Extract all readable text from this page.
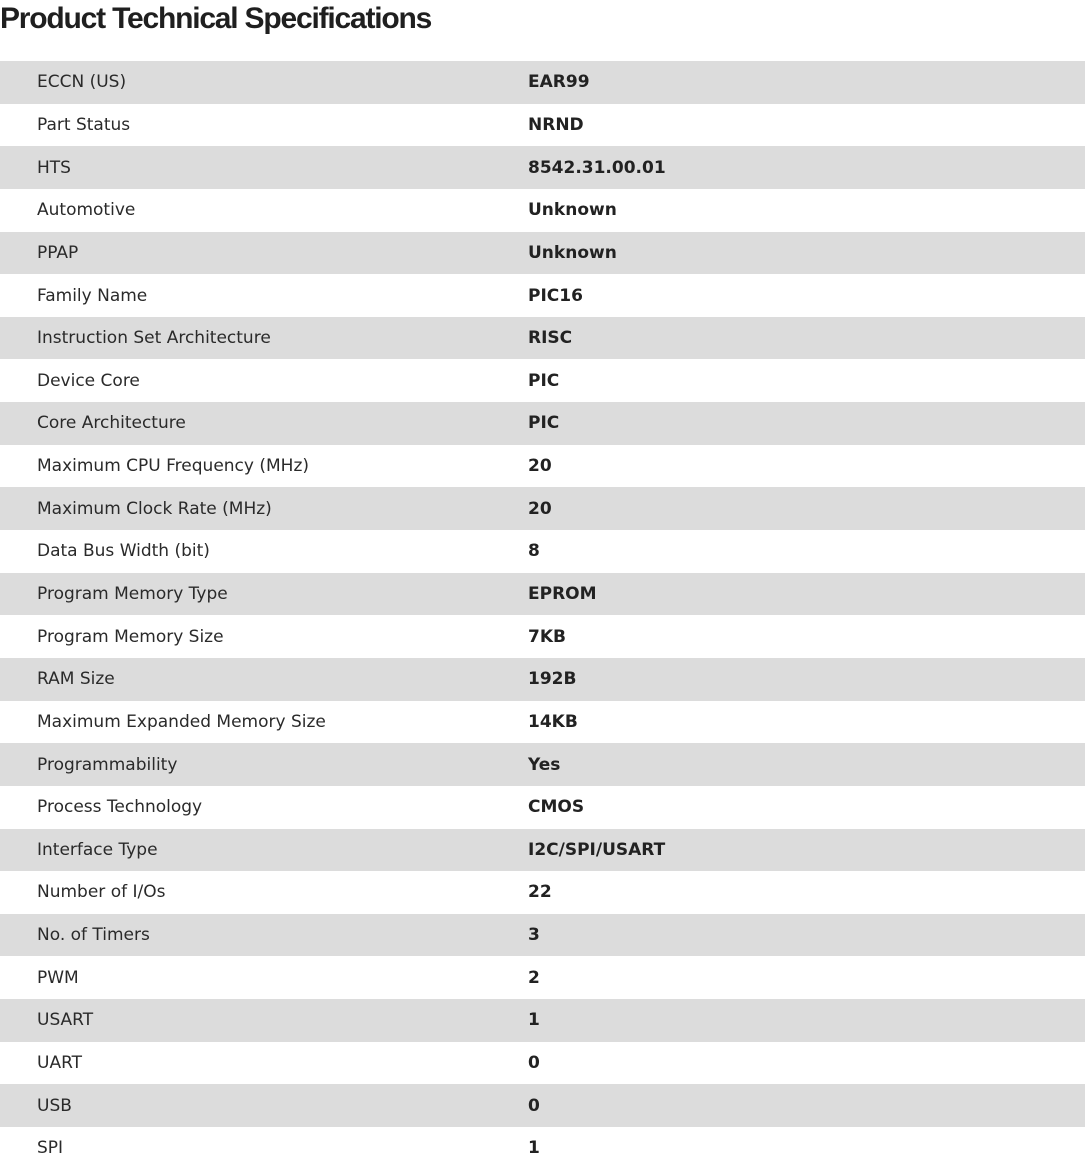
Product Technical Specifications
ECCN (US)	EAR99
Part Status	NRND
HTS	8542.31.00.01
Automotive	Unknown
PPAP	Unknown
Family Name	PIC16
Instruction Set Architecture	RISC
Device Core	PIC
Core Architecture	PIC
Maximum CPU Frequency (MHz)	20
Maximum Clock Rate (MHz)	20
Data Bus Width (bit)	8
Program Memory Type	EPROM
Program Memory Size	7KB
RAM Size	192B
Maximum Expanded Memory Size	14KB
Programmability	Yes
Process Technology	CMOS
Interface Type	I2C/SPI/USART
Number of I/Os	22
No. of Timers	3
PWM	2
USART	1
UART	0
USB	0
SPI	1
